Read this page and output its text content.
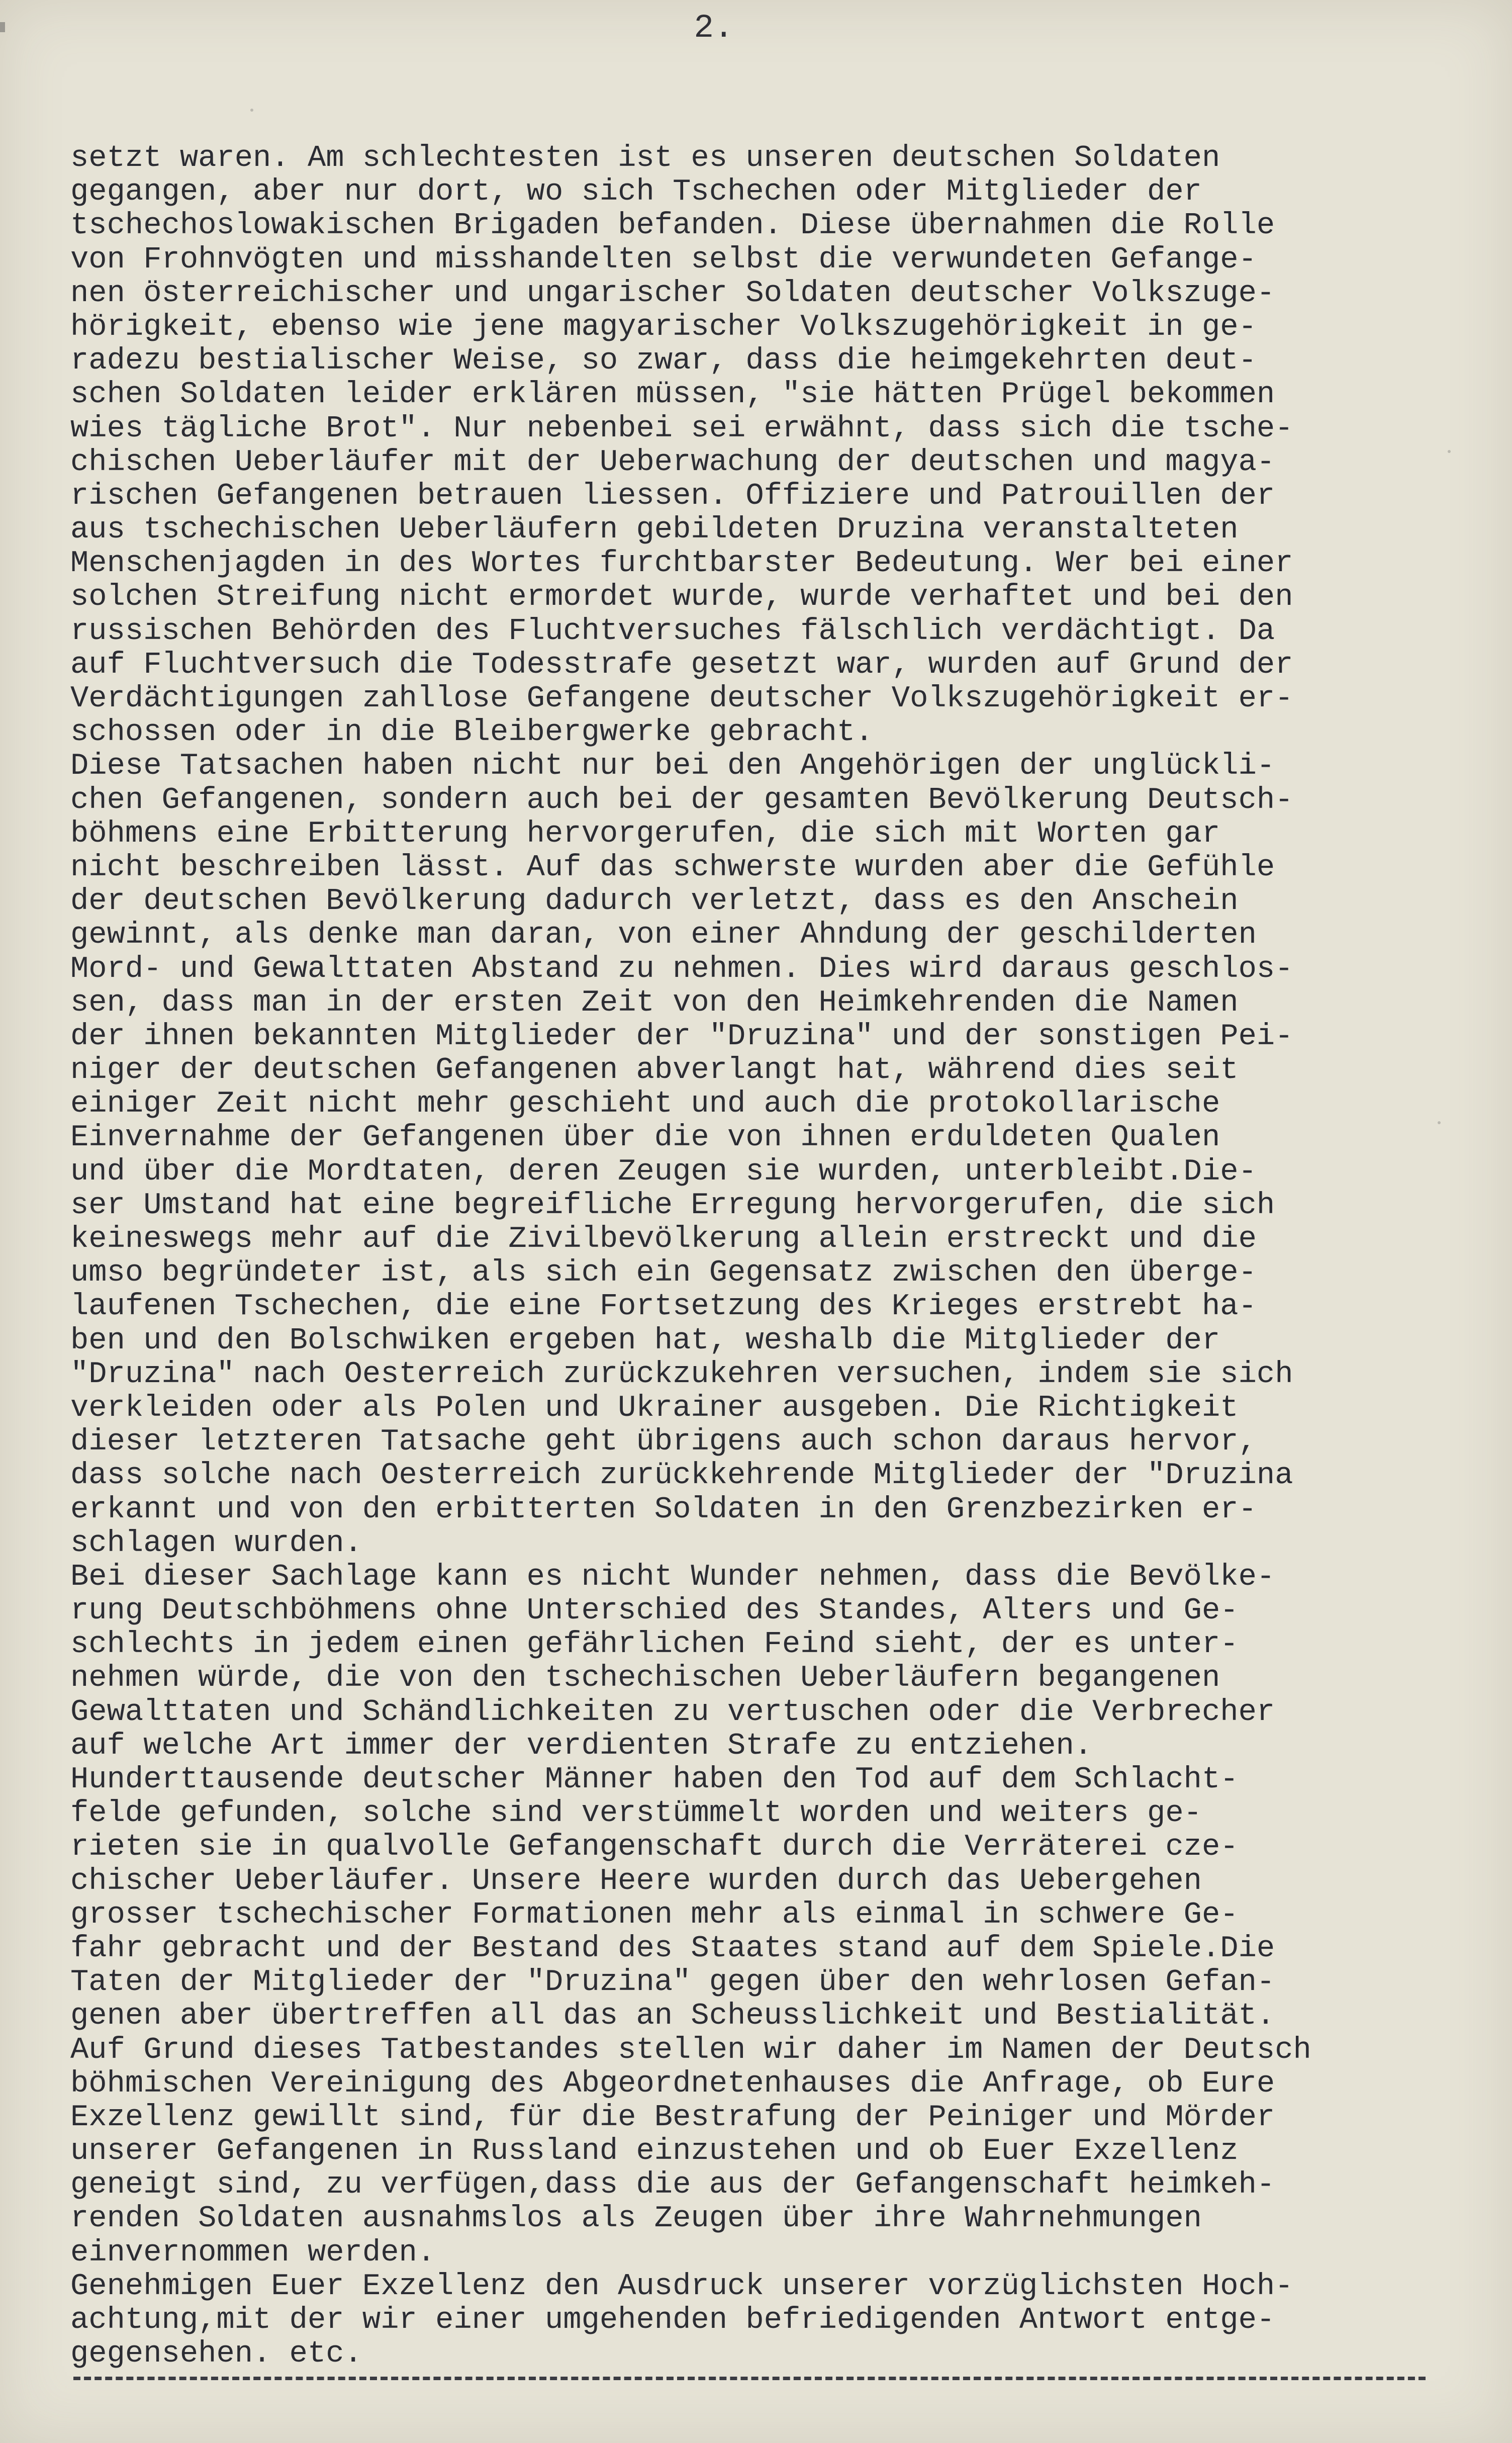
2.
setzt waren. Am schlechtesten ist es unseren deutschen Soldaten
gegangen, aber nur dort, wo sich Tschechen oder Mitglieder der
tschechoslowakischen Brigaden befanden. Diese übernahmen die Rolle
von Frohnvögten und misshandelten selbst die verwundeten Gefange-
nen österreichischer und ungarischer Soldaten deutscher Volkszuge-
hörigkeit, ebenso wie jene magyarischer Volkszugehörigkeit in ge-
radezu bestialischer Weise, so zwar, dass die heimgekehrten deut-
schen Soldaten leider erklären müssen, "sie hätten Prügel bekommen
wies tägliche Brot". Nur nebenbei sei erwähnt, dass sich die tsche-
chischen Ueberläufer mit der Ueberwachung der deutschen und magya-
rischen Gefangenen betrauen liessen. Offiziere und Patrouillen der
aus tschechischen Ueberläufern gebildeten Druzina veranstalteten
Menschenjagden in des Wortes furchtbarster Bedeutung. Wer bei einer
solchen Streifung nicht ermordet wurde, wurde verhaftet und bei den
russischen Behörden des Fluchtversuches fälschlich verdächtigt. Da
auf Fluchtversuch die Todesstrafe gesetzt war, wurden auf Grund der
Verdächtigungen zahllose Gefangene deutscher Volkszugehörigkeit er-
schossen oder in die Bleibergwerke gebracht.
Diese Tatsachen haben nicht nur bei den Angehörigen der unglückli-
chen Gefangenen, sondern auch bei der gesamten Bevölkerung Deutsch-
böhmens eine Erbitterung hervorgerufen, die sich mit Worten gar
nicht beschreiben lässt. Auf das schwerste wurden aber die Gefühle
der deutschen Bevölkerung dadurch verletzt, dass es den Anschein
gewinnt, als denke man daran, von einer Ahndung der geschilderten
Mord- und Gewalttaten Abstand zu nehmen. Dies wird daraus geschlos-
sen, dass man in der ersten Zeit von den Heimkehrenden die Namen
der ihnen bekannten Mitglieder der "Druzina" und der sonstigen Pei-
niger der deutschen Gefangenen abverlangt hat, während dies seit
einiger Zeit nicht mehr geschieht und auch die protokollarische
Einvernahme der Gefangenen über die von ihnen erduldeten Qualen
und über die Mordtaten, deren Zeugen sie wurden, unterbleibt.Die-
ser Umstand hat eine begreifliche Erregung hervorgerufen, die sich
keineswegs mehr auf die Zivilbevölkerung allein erstreckt und die
umso begründeter ist, als sich ein Gegensatz zwischen den überge-
laufenen Tschechen, die eine Fortsetzung des Krieges erstrebt ha-
ben und den Bolschwiken ergeben hat, weshalb die Mitglieder der
"Druzina" nach Oesterreich zurückzukehren versuchen, indem sie sich
verkleiden oder als Polen und Ukrainer ausgeben. Die Richtigkeit
dieser letzteren Tatsache geht übrigens auch schon daraus hervor,
dass solche nach Oesterreich zurückkehrende Mitglieder der "Druzina
erkannt und von den erbitterten Soldaten in den Grenzbezirken er-
schlagen wurden.
Bei dieser Sachlage kann es nicht Wunder nehmen, dass die Bevölke-
rung Deutschböhmens ohne Unterschied des Standes, Alters und Ge-
schlechts in jedem einen gefährlichen Feind sieht, der es unter-
nehmen würde, die von den tschechischen Ueberläufern begangenen
Gewalttaten und Schändlichkeiten zu vertuschen oder die Verbrecher
auf welche Art immer der verdienten Strafe zu entziehen.
Hunderttausende deutscher Männer haben den Tod auf dem Schlacht-
felde gefunden, solche sind verstümmelt worden und weiters ge-
rieten sie in qualvolle Gefangenschaft durch die Verräterei cze-
chischer Ueberläufer. Unsere Heere wurden durch das Uebergehen
grosser tschechischer Formationen mehr als einmal in schwere Ge-
fahr gebracht und der Bestand des Staates stand auf dem Spiele.Die
Taten der Mitglieder der "Druzina" gegen über den wehrlosen Gefan-
genen aber übertreffen all das an Scheusslichkeit und Bestialität.
Auf Grund dieses Tatbestandes stellen wir daher im Namen der Deutsch
böhmischen Vereinigung des Abgeordnetenhauses die Anfrage, ob Eure
Exzellenz gewillt sind, für die Bestrafung der Peiniger und Mörder
unserer Gefangenen in Russland einzustehen und ob Euer Exzellenz
geneigt sind, zu verfügen,dass die aus der Gefangenschaft heimkeh-
renden Soldaten ausnahmslos als Zeugen über ihre Wahrnehmungen
einvernommen werden.
Genehmigen Euer Exzellenz den Ausdruck unserer vorzüglichsten Hoch-
achtung,mit der wir einer umgehenden befriedigenden Antwort entge-
gegensehen. etc.
